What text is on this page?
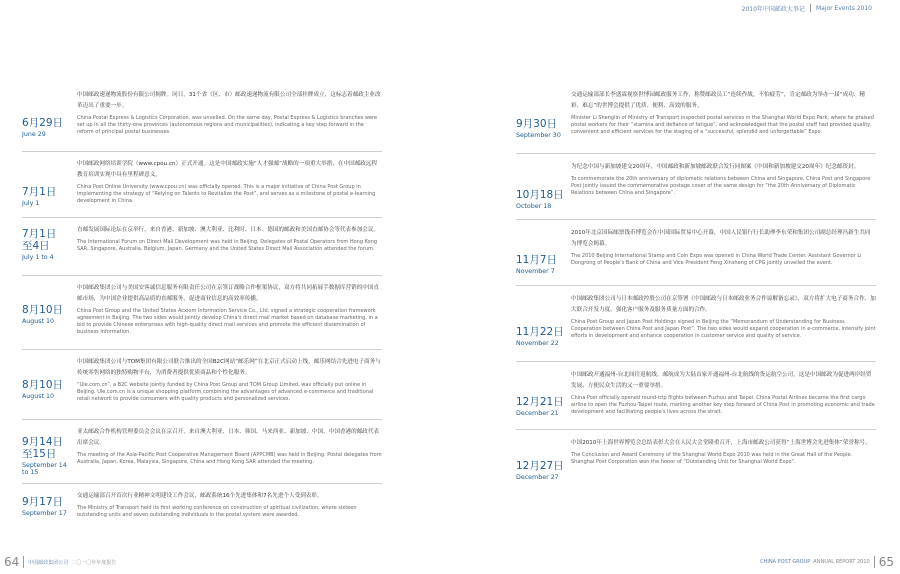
2010年中国邮政大事记 Major Events 2010
6月29日
June 29
中国邮政速递物流股份有限公司揭牌。同日，31个省（区、市）邮政速递物流有限公司全部挂牌成立，这标志着邮政主业改革迈出了重要一步。
China Postal Express & Logistics Corporation. was unveiled. On the same day, Postal Express & Logistics branches were set up in all the thirty-one provinces (autonomous regions and municipalities), indicating a key step forward in the reform of principal postal businesses.
7月1日
July 1
中国邮政网络培训学院（www.cpou.cn）正式开通。这是中国邮政实施“人才强邮”战略的一项重大举措，在中国邮政远程教育培训实现中具有里程碑意义。
China Post Online University (www.cpou.cn) was officially opened. This is a major initiative of China Post Group in implementing the strategy of “Relying on Talents to Revitalize the Post”, and serves as a milestone of postal e-learning development in China.
7月1日至4日
July 1 to 4
直邮发展国际论坛在京举行，来自香港、新加坡、澳大利亚、比利时、日本、德国的邮政和美国直邮协会等代表参加会议。
The International Forum on Direct Mail Development was held in Beijing. Delegates of Postal Operators from Hong Kong SAR, Singapore, Australia, Belgium, Japan, Germany and the United States Direct Mail Association attended the forum.
8月10日
August 10
中国邮政集团公司与美国安客诚信息服务有限责任公司在京签订战略合作框架协议，双方将共同拓展手数据库营销的中国直邮市场，为中国企业提供高品质的直邮服务，促进商业信息的高效率传播。
China Post Group and the United States Acxiom Information Service Co., Ltd. signed a strategic cooperation framework agreement in Beijing. The two sides would jointly develop China's direct mail market based on database marketing, in a bid to provide Chinese enterprises with high-quality direct mail services and promote the efficient dissemination of business information.
8月10日
August 10
中国邮政集团公司与TOM集团有限公司联合推出的全国B2C网站“邮乐网”在北京正式启动上线，邮乐网结合先进电子商务与传统零售网络的独特购物平台，为消费者提供优质商品和个性化服务。
“Ule.com.cn”, a B2C website jointly funded by China Post Group and TOM Group Limited, was officially put online in Beijing. Ule.com.cn is a unique shopping platform combining the advantages of advanced e-commerce and traditional retail network to provide consumers with quality products and personalized services.
9月14日至15日
September 14 to 15
亚太邮政合作机构管理委员会会议在京召开，来自澳大利亚、日本、韩国、马来西亚、新加坡、中国、中国香港的邮政代表出席会议。
The meeting of the Asia-Pacific Post Cooperative Management Board (APPCMB) was held in Beijing. Postal delegates from Australia, Japan, Korea, Malaysia, Singapore, China and Hong Kong SAR attended the meeting.
9月17日
September 17
交通运输部召开首次行业精神文明建设工作会议，邮政系统16个先进集体和7名先进个人受到表彰。
The Ministry of Transport held its first working conference on construction of spiritual civilization, where sixteen outstanding units and seven outstanding individuals in the postal system were awarded.
9月30日
September 30
交通运输部部长李盛霖视察世博园邮政服务工作，称赞邮政员工“连续作战，不怕疲劳”，肯定邮政为举办一届“成功、精彩、难忘”的世博会提供了优质、便利、高效的服务。
Minister Li Shenglin of Ministry of Transport inspected postal services in the Shanghai World Expo Park, where he praised postal workers for their “stamina and defiance of fatigue”, and acknowledged that the postal staff had provided quality, convenient and efficient services for the staging of a “successful, splendid and unforgettable” Expo.
10月18日
October 18
为纪念中国与新加坡建交20周年，中国邮政和新加坡邮政联合发行同图案《中国和新加坡建交20周年》纪念邮资封。
To commemorate the 20th anniversary of diplomatic relations between China and Singapore, China Post and Singapore Post jointly issued the commemorative postage cover of the same design for “the 20th Anniversary of Diplomatic Relations between China and Singapore”.
11月7日
November 7
2010年北京国际邮票钱币博览会在中国国际贸易中心开幕，中国人民银行行长助理李东荣和集团公司副总经理冯新生共同为博览会揭幕。
The 2010 Beijing International Stamp and Coin Expo was opened in China World Trade Center. Assistant Governor Li Dongrong of People's Bank of China and Vice President Feng Xinsheng of CPG jointly unveiled the event.
11月22日
November 22
中国邮政集团公司与日本邮政控股公司在京签署《中国邮政与日本邮政业务合作谅解备忘录》，双方将扩大电子商务合作、加大联合开发力度、强化客户服务及服务质量方面的合作。
China Post Group and Japan Post Holdings signed in Beijing the “Memorandum of Understanding for Business Cooperation between China Post and Japan Post”. The two sides would expand cooperation in e-commerce, intensify joint efforts in development and enhance cooperation in customer service and quality of service.
12月21日
December 21
中国邮政开通福州-台北间往返航线。邮航成为大陆首家开通福州-台北航线的货运航空公司，这是中国邮政为促进两岸经贸发展、方便民众生活的又一重要举措。
China Post officially opened round-trip flights between Fuzhou and Taipei. China Postal Airlines became the first cargo airline to open the Fuzhou-Taipei route, marking another key step forward of China Post in promoting economic and trade development and facilitating people's lives across the strait.
12月27日
December 27
中国2010年上海世界博览会总结表彰大会在人民大会堂隆重召开，上海市邮政公司获得“上海世博会先进集体”荣誉称号。
The Conclusion and Award Ceremony of the Shanghai World Expo 2010 was held in the Great Hall of the People. Shanghai Post Corporation won the honor of “Outstanding Unit for Shanghai World Expo”.
64 中国邮政集团公司 二〇一〇年年度报告	CHINA POST GROUP ANNUAL REPORT 2010 65
